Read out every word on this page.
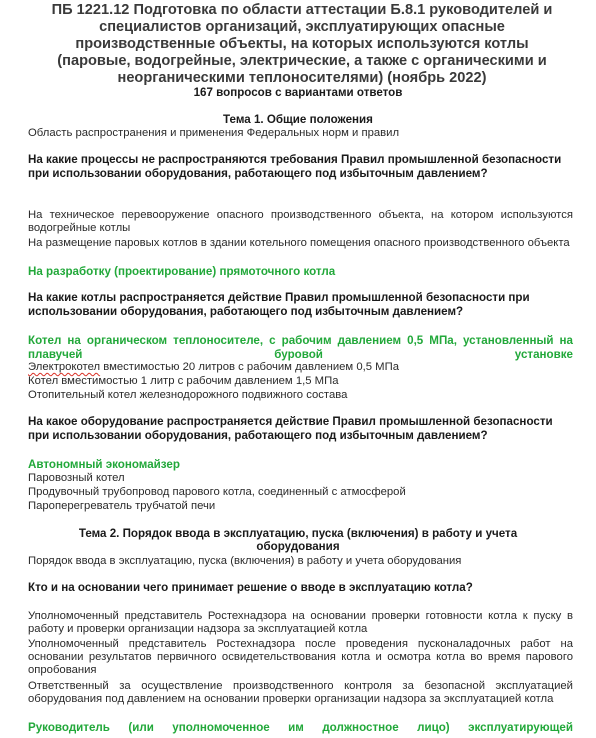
ПБ 1221.12 Подготовка по области аттестации Б.8.1 руководителей и специалистов организаций, эксплуатирующих опасные производственные объекты, на которых используются котлы (паровые, водогрейные, электрические, а также с органическими и неорганическими теплоносителями) (ноябрь 2022)
167 вопросов с вариантами ответов
Тема 1. Общие положения
Область распространения и применения Федеральных норм и правил
На какие процессы не распространяются требования Правил промышленной безопасности при использовании оборудования, работающего под избыточным давлением?
На техническое перевооружение опасного производственного объекта, на котором используются водогрейные котлы
На размещение паровых котлов в здании котельного помещения опасного производственного объекта
На разработку (проектирование) прямоточного котла
На какие котлы распространяется действие Правил промышленной безопасности при использовании оборудования, работающего под избыточным давлением?
Котел на органическом теплоносителе, с рабочим давлением 0,5 МПа, установленный на плавучей буровой установке
Электрокотел вместимостью 20 литров с рабочим давлением 0,5 МПа
Котел вместимостью 1 литр с рабочим давлением 1,5 МПа
Отопительный котел железнодорожного подвижного состава
На какое оборудование распространяется действие Правил промышленной безопасности при использовании оборудования, работающего под избыточным давлением?
Автономный экономайзер
Паровозный котел
Продувочный трубопровод парового котла, соединенный с атмосферой
Пароперегреватель трубчатой печи
Тема 2. Порядок ввода в эксплуатацию, пуска (включения) в работу и учета оборудования
Порядок ввода в эксплуатацию, пуска (включения) в работу и учета оборудования
Кто и на основании чего принимает решение о вводе в эксплуатацию котла?
Уполномоченный представитель Ростехнадзора на основании проверки готовности котла к пуску в работу и проверки организации надзора за эксплуатацией котла
Уполномоченный представитель Ростехнадзора после проведения пусконаладочных работ на основании результатов первичного освидетельствования котла и осмотра котла во время парового опробования
Ответственный за осуществление производственного контроля за безопасной эксплуатацией оборудования под давлением на основании проверки организации надзора за эксплуатацией котла
Руководитель (или уполномоченное им должностное лицо) эксплуатирующей
